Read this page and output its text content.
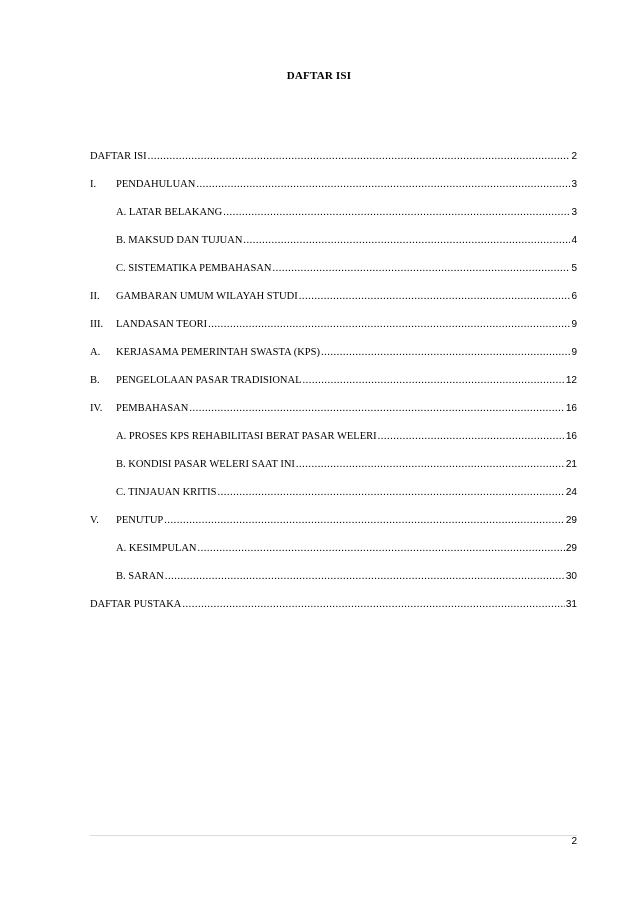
DAFTAR ISI
DAFTAR ISI .....	2
I.	PENDAHULUAN .....	3
A. LATAR BELAKANG .....	3
B. MAKSUD DAN TUJUAN .....	4
C. SISTEMATIKA PEMBAHASAN .....	5
II.	GAMBARAN UMUM WILAYAH STUDI .....	6
III.	LANDASAN TEORI .....	9
A.	KERJASAMA PEMERINTAH SWASTA (KPS) .....	9
B.	PENGELOLAAN PASAR TRADISIONAL .....	12
IV.	PEMBAHASAN .....	16
A. PROSES KPS REHABILITASI BERAT PASAR WELERI .....	16
B. KONDISI PASAR WELERI SAAT INI .....	21
C. TINJAUAN KRITIS .....	24
V.	PENUTUP .....	29
A. KESIMPULAN .....	29
B. SARAN .....	30
DAFTAR PUSTAKA .....	31
2
